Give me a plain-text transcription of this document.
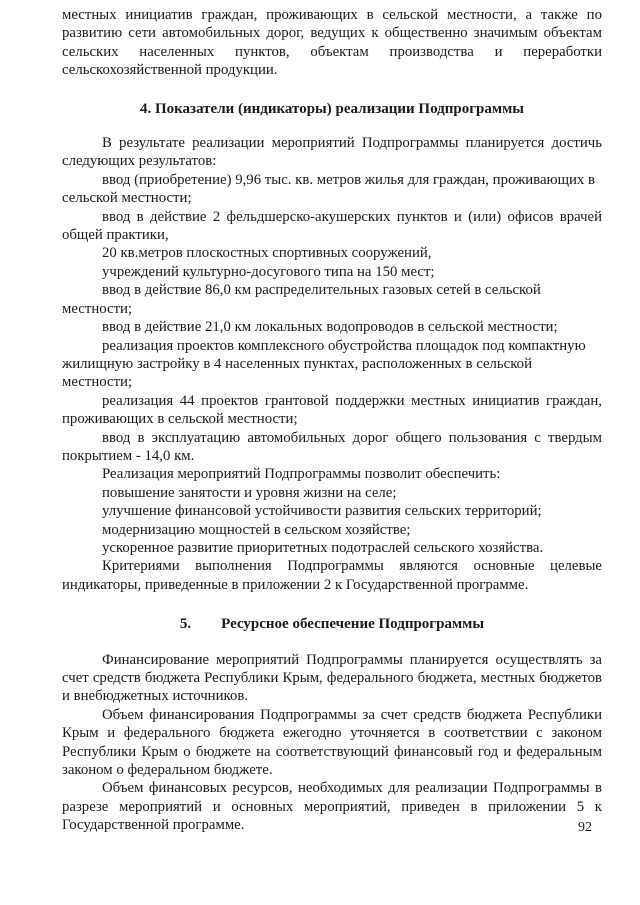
местных инициатив граждан, проживающих в сельской местности, а также по развитию сети автомобильных дорог, ведущих к общественно значимым объектам сельских населенных пунктов, объектам производства и переработки сельскохозяйственной продукции.

4. Показатели (индикаторы) реализации Подпрограммы

В результате реализации мероприятий Подпрограммы планируется достичь следующих результатов:

ввод (приобретение) 9,96 тыс. кв. метров жилья для граждан, проживающих в сельской местности;

ввод в действие 2 фельдшерско-акушерских пунктов и (или) офисов врачей общей практики,

20 кв.метров плоскостных спортивных сооружений,

учреждений культурно-досугового типа на 150 мест;

ввод в действие 86,0 км распределительных газовых сетей в сельской местности;

ввод в действие 21,0 км локальных водопроводов в сельской местности;

реализация проектов комплексного обустройства площадок под компактную жилищную застройку в 4 населенных пунктах, расположенных в сельской местности;

реализация 44 проектов грантовой поддержки местных инициатив граждан, проживающих в сельской местности;

ввод в эксплуатацию автомобильных дорог общего пользования с твердым покрытием - 14,0 км.

Реализация мероприятий Подпрограммы позволит обеспечить:

повышение занятости и уровня жизни на селе;

улучшение финансовой устойчивости развития сельских территорий;

модернизацию мощностей в сельском хозяйстве;

ускоренное развитие приоритетных подотраслей сельского хозяйства.

Критериями выполнения Подпрограммы являются основные целевые индикаторы, приведенные в приложении 2 к Государственной программе.

5.        Ресурсное обеспечение Подпрограммы

Финансирование мероприятий Подпрограммы планируется осуществлять за счет средств бюджета Республики Крым, федерального бюджета, местных бюджетов и внебюджетных источников.

Объем финансирования Подпрограммы за счет средств бюджета Республики Крым и федерального бюджета ежегодно уточняется в соответствии с законом Республики Крым о бюджете на соответствующий финансовый год и федеральным законом о федеральном бюджете.

Объем финансовых ресурсов, необходимых для реализации Подпрограммы в разрезе мероприятий и основных мероприятий, приведен в приложении 5 к Государственной программе.	92
